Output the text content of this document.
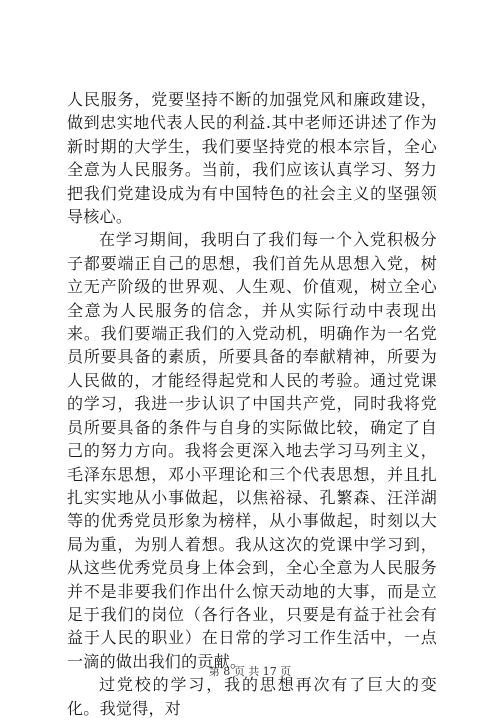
人民服务，党要坚持不断的加强党风和廉政建设，做到忠实地代表人民的利益.其中老师还讲述了作为新时期的大学生，我们要坚持党的根本宗旨，全心全意为人民服务。当前，我们应该认真学习、努力把我们党建设成为有中国特色的社会主义的坚强领导核心。

在学习期间，我明白了我们每一个入党积极分子都要端正自己的思想，我们首先从思想入党，树立无产阶级的世界观、人生观、价值观，树立全心全意为人民服务的信念，并从实际行动中表现出来。我们要端正我们的入党动机，明确作为一名党员所要具备的素质，所要具备的奉献精神，所要为人民做的，才能经得起党和人民的考验。通过党课的学习，我进一步认识了中国共产党，同时我将党员所要具备的条件与自身的实际做比较，确定了自己的努力方向。我将会更深入地去学习马列主义，毛泽东思想，邓小平理论和三个代表思想，并且扎扎实实地从小事做起，以焦裕禄、孔繁森、汪洋湖等的优秀党员形象为榜样，从小事做起，时刻以大局为重，为别人着想。我从这次的党课中学习到，从这些优秀党员身上体会到，全心全意为人民服务并不是非要我们作出什么惊天动地的大事，而是立足于我们的岗位（各行各业，只要是有益于社会有益于人民的职业）在日常的学习工作生活中，一点一滴的做出我们的贡献。

过党校的学习，我的思想再次有了巨大的变化。我觉得，对

第 8 页 共 17 页
